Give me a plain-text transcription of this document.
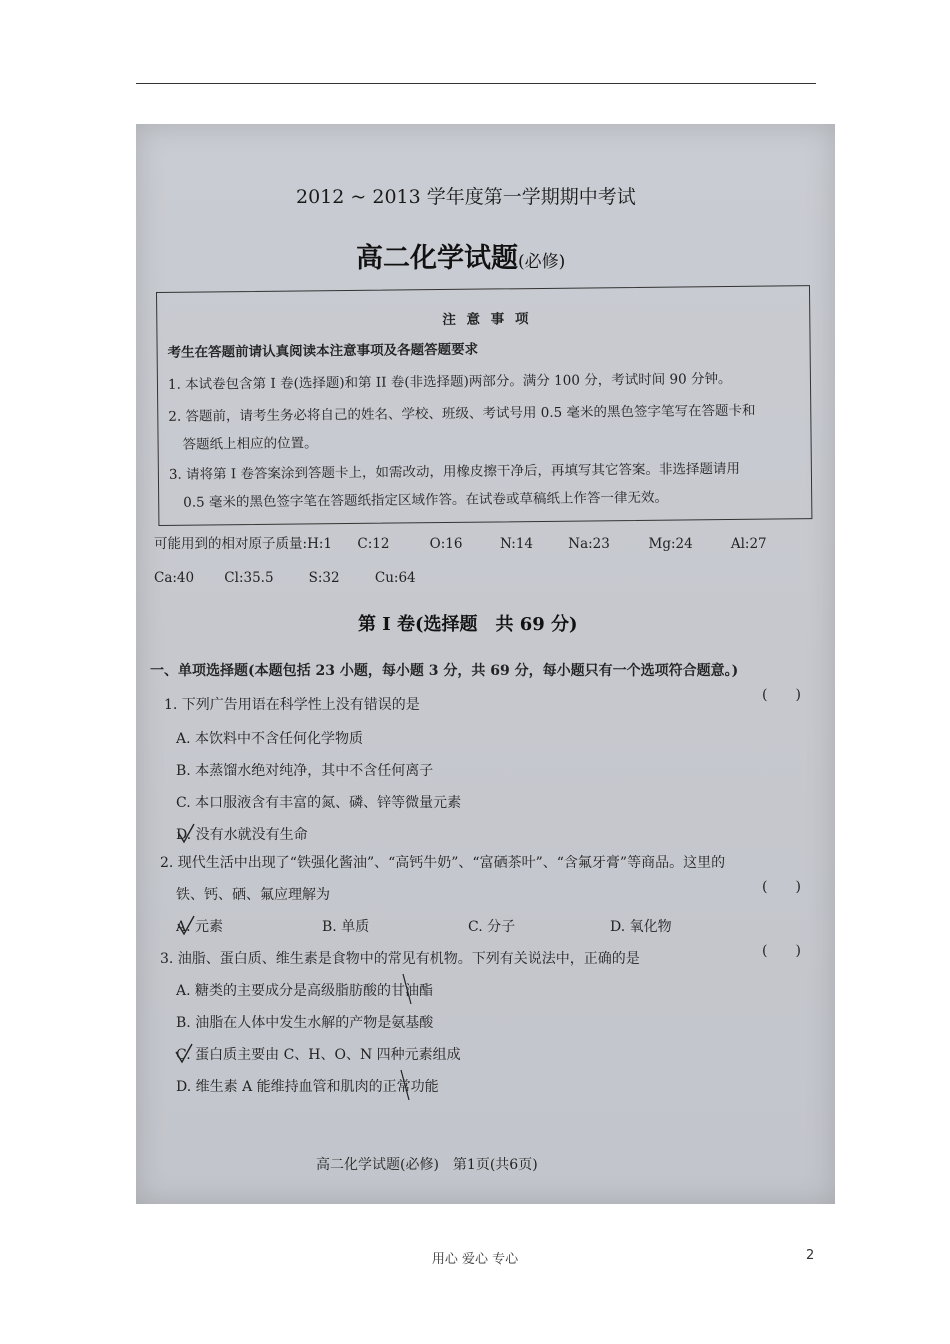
2012 ~ 2013 学年度第一学期期中考试
高二化学试题(必修)
注 意 事 项
考生在答题前请认真阅读本注意事项及各题答题要求
1. 本试卷包含第 I 卷(选择题)和第 II 卷(非选择题)两部分。满分 100 分，考试时间 90 分钟。
2. 答题前，请考生务必将自己的姓名、学校、班级、考试号用 0.5 毫米的黑色签字笔写在答题卡和
答题纸上相应的位置。
3. 请将第 I 卷答案涂到答题卡上，如需改动，用橡皮擦干净后，再填写其它答案。非选择题请用
0.5 毫米的黑色签字笔在答题纸指定区域作答。在试卷或草稿纸上作答一律无效。
可能用到的相对原子质量:H:1 C:12	O:16	N:14	Na:23	Mg:24	Al:27
Ca:40 Cl:35.5	S:32	Cu:64
第 I 卷(选择题　共 69 分)
一、单项选择题(本题包括 23 小题，每小题 3 分，共 69 分，每小题只有一个选项符合题意。)
1. 下列广告用语在科学性上没有错误的是
(　　)
A. 本饮料中不含任何化学物质
B. 本蒸馏水绝对纯净，其中不含任何离子
C. 本口服液含有丰富的氮、磷、锌等微量元素
D. 没有水就没有生命
2. 现代生活中出现了“铁强化酱油”、“高钙牛奶”、“富硒茶叶”、“含氟牙膏”等商品。这里的
铁、钙、硒、氟应理解为	(　　)
A. 元素	B. 单质	C. 分子	D. 氧化物
3. 油脂、蛋白质、维生素是食物中的常见有机物。下列有关说法中，正确的是	(　　)
A. 糖类的主要成分是高级脂肪酸的甘油酯
B. 油脂在人体中发生水解的产物是氨基酸
C. 蛋白质主要由 C、H、O、N 四种元素组成
D. 维生素 A 能维持血管和肌肉的正常功能
高二化学试题(必修)　第1页(共6页)
用心 爱心 专心	2
